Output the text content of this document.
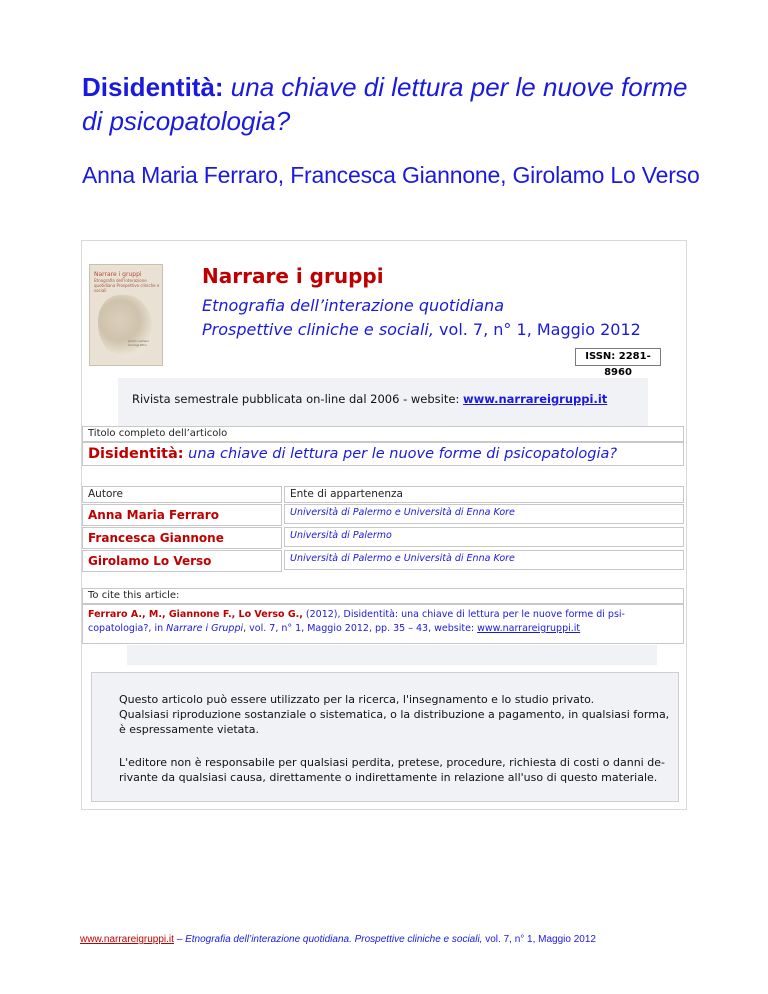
Disidentità: una chiave di lettura per le nuove forme
di psicopatologia?
Anna Maria Ferraro, Francesca Giannone, Girolamo Lo Verso
Narrare i gruppi
Etnografia dell'interazione quotidiana Prospettive cliniche e sociali
primo numero monografico
Narrare i gruppi
Etnografia dell’interazione quotidiana
Prospettive cliniche e sociali, vol. 7, n° 1, Maggio 2012
ISSN: 2281-8960
Rivista semestrale pubblicata on-line dal 2006 - website: www.narrareigruppi.it
Titolo completo dell’articolo
Disidentità: una chiave di lettura per le nuove forme di psicopatologia?
Autore	Ente di appartenenza
Anna Maria Ferraro	Università di Palermo e Università di Enna Kore
Francesca Giannone	Università di Palermo
Girolamo Lo Verso	Università di Palermo e Università di Enna Kore
To cite this article:
Ferraro A., M., Giannone F., Lo Verso G., (2012), Disidentità: una chiave di lettura per le nuove forme di psi-
copatologia?, in Narrare i Gruppi, vol. 7, n° 1, Maggio 2012, pp. 35 – 43, website: www.narrareigruppi.it
Questo articolo può essere utilizzato per la ricerca, l'insegnamento e lo studio privato.
Qualsiasi riproduzione sostanziale o sistematica, o la distribuzione a pagamento, in qualsiasi forma,
è espressamente vietata.
L'editore non è responsabile per qualsiasi perdita, pretese, procedure, richiesta di costi o danni de-
rivante da qualsiasi causa, direttamente o indirettamente in relazione all'uso di questo materiale.
www.narrareigruppi.it – Etnografia dell’interazione quotidiana. Prospettive cliniche e sociali, vol. 7, n° 1, Maggio 2012
